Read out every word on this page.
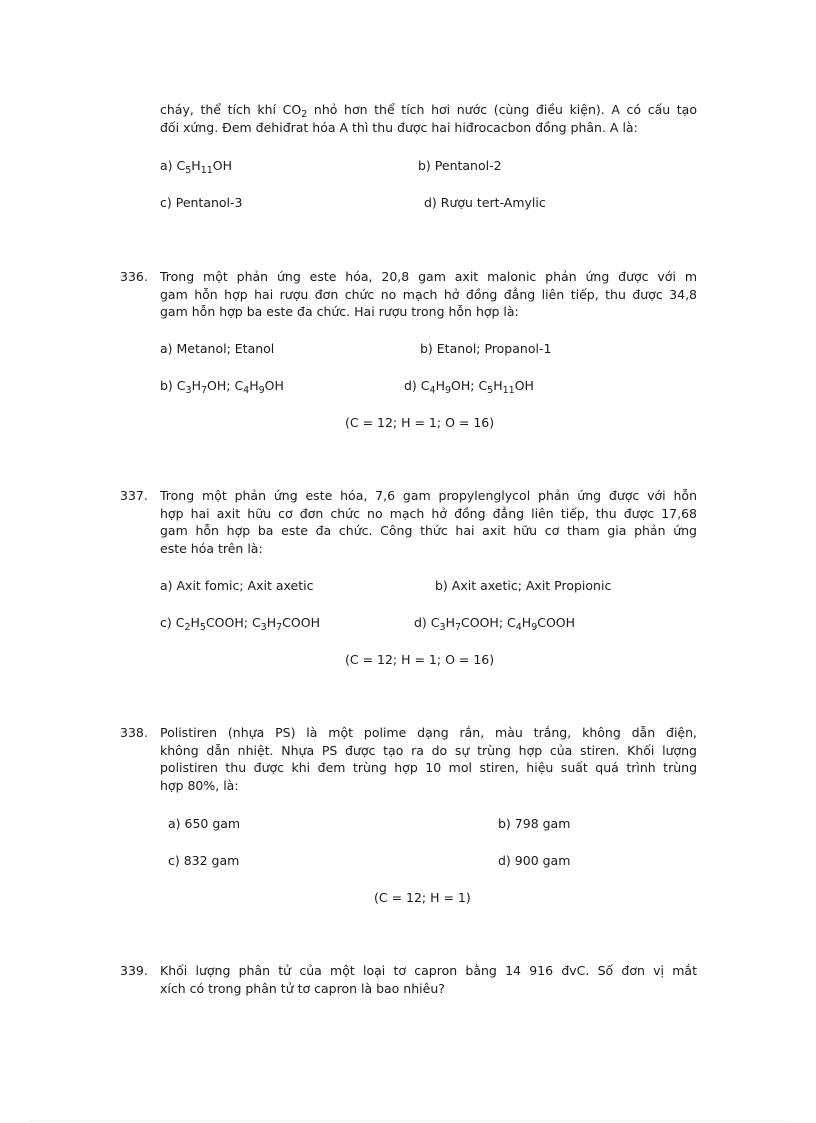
cháy, thể tích khí $CO_2$ nhỏ hơn thể tích hơi nước (cùng điều kiện). A có cấu tạo
đối xứng. Đem đehiđrat hóa A thì thu được hai hiđrocacbon đồng phân. A là:
a) $C_5H_{11}OH$	b) Pentanol-2
c) Pentanol-3	d) Rượu tert-Amylic
336. Trong một phản ứng este hóa, 20,8 gam axit malonic phản ứng được với m
gam hỗn hợp hai rượu đơn chức no mạch hở đồng đẳng liên tiếp, thu được 34,8
gam hỗn hợp ba este đa chức. Hai rượu trong hỗn hợp là:
a) Metanol; Etanol	b) Etanol; Propanol-1
b) $C_3H_7OH$; $C_4H_9OH$	d) $C_4H_9OH$; $C_5H_{11}OH$
(C = 12; H = 1; O = 16)
337. Trong một phản ứng este hóa, 7,6 gam propylenglycol phản ứng được với hỗn
hợp hai axit hữu cơ đơn chức no mạch hở đồng đẳng liên tiếp, thu được 17,68
gam hỗn hợp ba este đa chức. Công thức hai axit hữu cơ tham gia phản ứng
este hóa trên là:
a) Axit fomic; Axit axetic	b) Axit axetic; Axit Propionic
c) $C_2H_5COOH$; $C_3H_7COOH$	d) $C_3H_7COOH$; $C_4H_9COOH$
(C = 12; H = 1; O = 16)
338. Polistiren (nhựa PS) là một polime dạng rắn, màu trắng, không dẫn điện,
không dẫn nhiệt. Nhựa PS được tạo ra do sự trùng hợp của stiren. Khối lượng
polistiren thu được khi đem trùng hợp 10 mol stiren, hiệu suất quá trình trùng
hợp 80%, là:
a) 650 gam	b) 798 gam
c) 832 gam	d) 900 gam
(C = 12; H = 1)
339. Khối lượng phân tử của một loại tơ capron bằng 14 916 đvC. Số đơn vị mắt
xích có trong phân tử tơ capron là bao nhiêu?
